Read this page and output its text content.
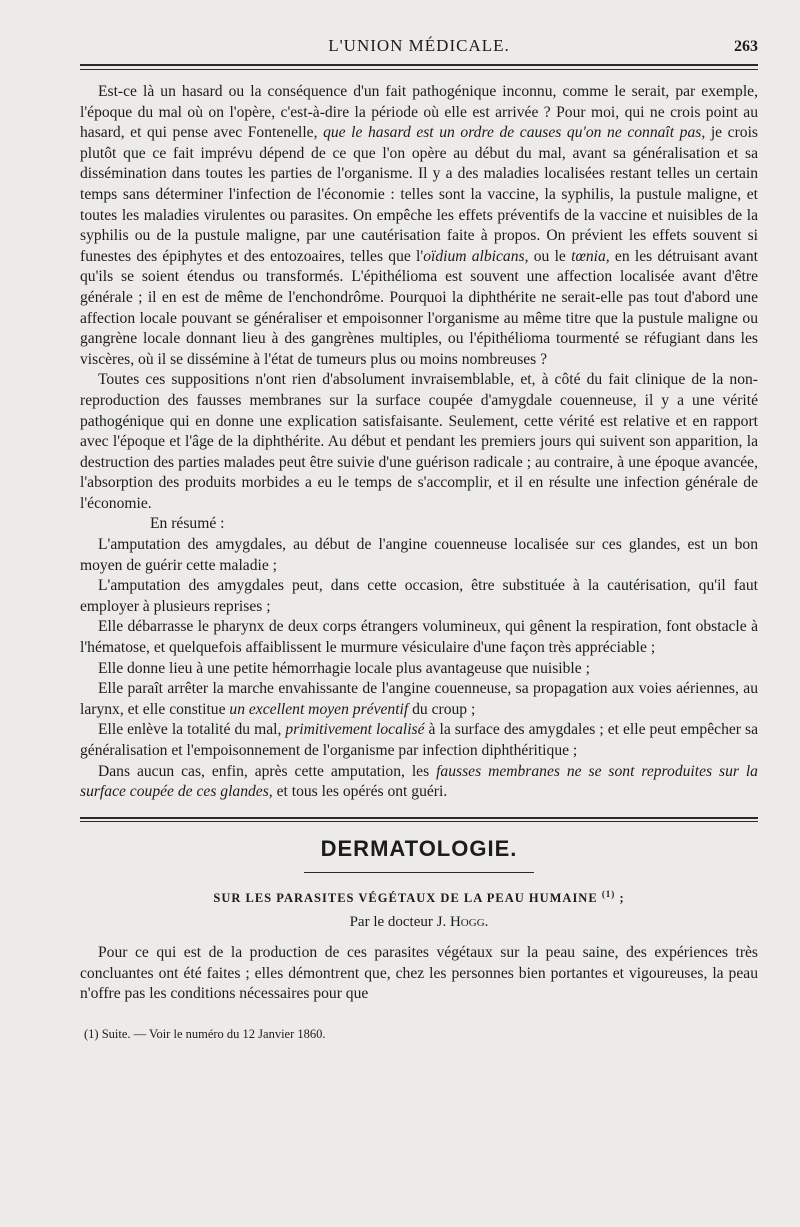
L'UNION MÉDICALE.	263

Est-ce là un hasard ou la conséquence d'un fait pathogénique inconnu, comme le serait, par exemple, l'époque du mal où on l'opère, c'est-à-dire la période où elle est arrivée ? Pour moi, qui ne crois point au hasard, et qui pense avec Fontenelle, que le hasard est un ordre de causes qu'on ne connaît pas, je crois plutôt que ce fait imprévu dépend de ce que l'on opère au début du mal, avant sa généralisation et sa dissémination dans toutes les parties de l'organisme. Il y a des maladies localisées restant telles un certain temps sans déterminer l'infection de l'économie : telles sont la vaccine, la syphilis, la pustule maligne, et toutes les maladies virulentes ou parasites. On empêche les effets préventifs de la vaccine et nuisibles de la syphilis ou de la pustule maligne, par une cautérisation faite à propos. On prévient les effets souvent si funestes des épiphytes et des entozoaires, telles que l'oïdium albicans, ou le tœnia, en les détruisant avant qu'ils se soient étendus ou transformés. L'épithélioma est souvent une affection localisée avant d'être générale ; il en est de même de l'enchondrôme. Pourquoi la diphthérite ne serait-elle pas tout d'abord une affection locale pouvant se généraliser et empoisonner l'organisme au même titre que la pustule maligne ou gangrène locale donnant lieu à des gangrènes multiples, ou l'épithélioma tourmenté se réfugiant dans les viscères, où il se dissémine à l'état de tumeurs plus ou moins nombreuses ?

Toutes ces suppositions n'ont rien d'absolument invraisemblable, et, à côté du fait clinique de la non-reproduction des fausses membranes sur la surface coupée d'amygdale couenneuse, il y a une vérité pathogénique qui en donne une explication satisfaisante. Seulement, cette vérité est relative et en rapport avec l'époque et l'âge de la diphthérite. Au début et pendant les premiers jours qui suivent son apparition, la destruction des parties malades peut être suivie d'une guérison radicale ; au contraire, à une époque avancée, l'absorption des produits morbides a eu le temps de s'accomplir, et il en résulte une infection générale de l'économie.

En résumé :

L'amputation des amygdales, au début de l'angine couenneuse localisée sur ces glandes, est un bon moyen de guérir cette maladie ;

L'amputation des amygdales peut, dans cette occasion, être substituée à la cautérisation, qu'il faut employer à plusieurs reprises ;

Elle débarrasse le pharynx de deux corps étrangers volumineux, qui gênent la respiration, font obstacle à l'hématose, et quelquefois affaiblissent le murmure vésiculaire d'une façon très appréciable ;

Elle donne lieu à une petite hémorrhagie locale plus avantageuse que nuisible ;

Elle paraît arrêter la marche envahissante de l'angine couenneuse, sa propagation aux voies aériennes, au larynx, et elle constitue un excellent moyen préventif du croup ;

Elle enlève la totalité du mal, primitivement localisé à la surface des amygdales ; et elle peut empêcher sa généralisation et l'empoisonnement de l'organisme par infection diphthéritique ;

Dans aucun cas, enfin, après cette amputation, les fausses membranes ne se sont reproduites sur la surface coupée de ces glandes, et tous les opérés ont guéri.

DERMATOLOGIE.
SUR LES PARASITES VÉGÉTAUX DE LA PEAU HUMAINE $^{(1)}$ ;
Par le docteur J. Hogg.

Pour ce qui est de la production de ces parasites végétaux sur la peau saine, des expériences très concluantes ont été faites ; elles démontrent que, chez les personnes bien portantes et vigoureuses, la peau n'offre pas les conditions nécessaires pour que

(1) Suite. — Voir le numéro du 12 Janvier 1860.
